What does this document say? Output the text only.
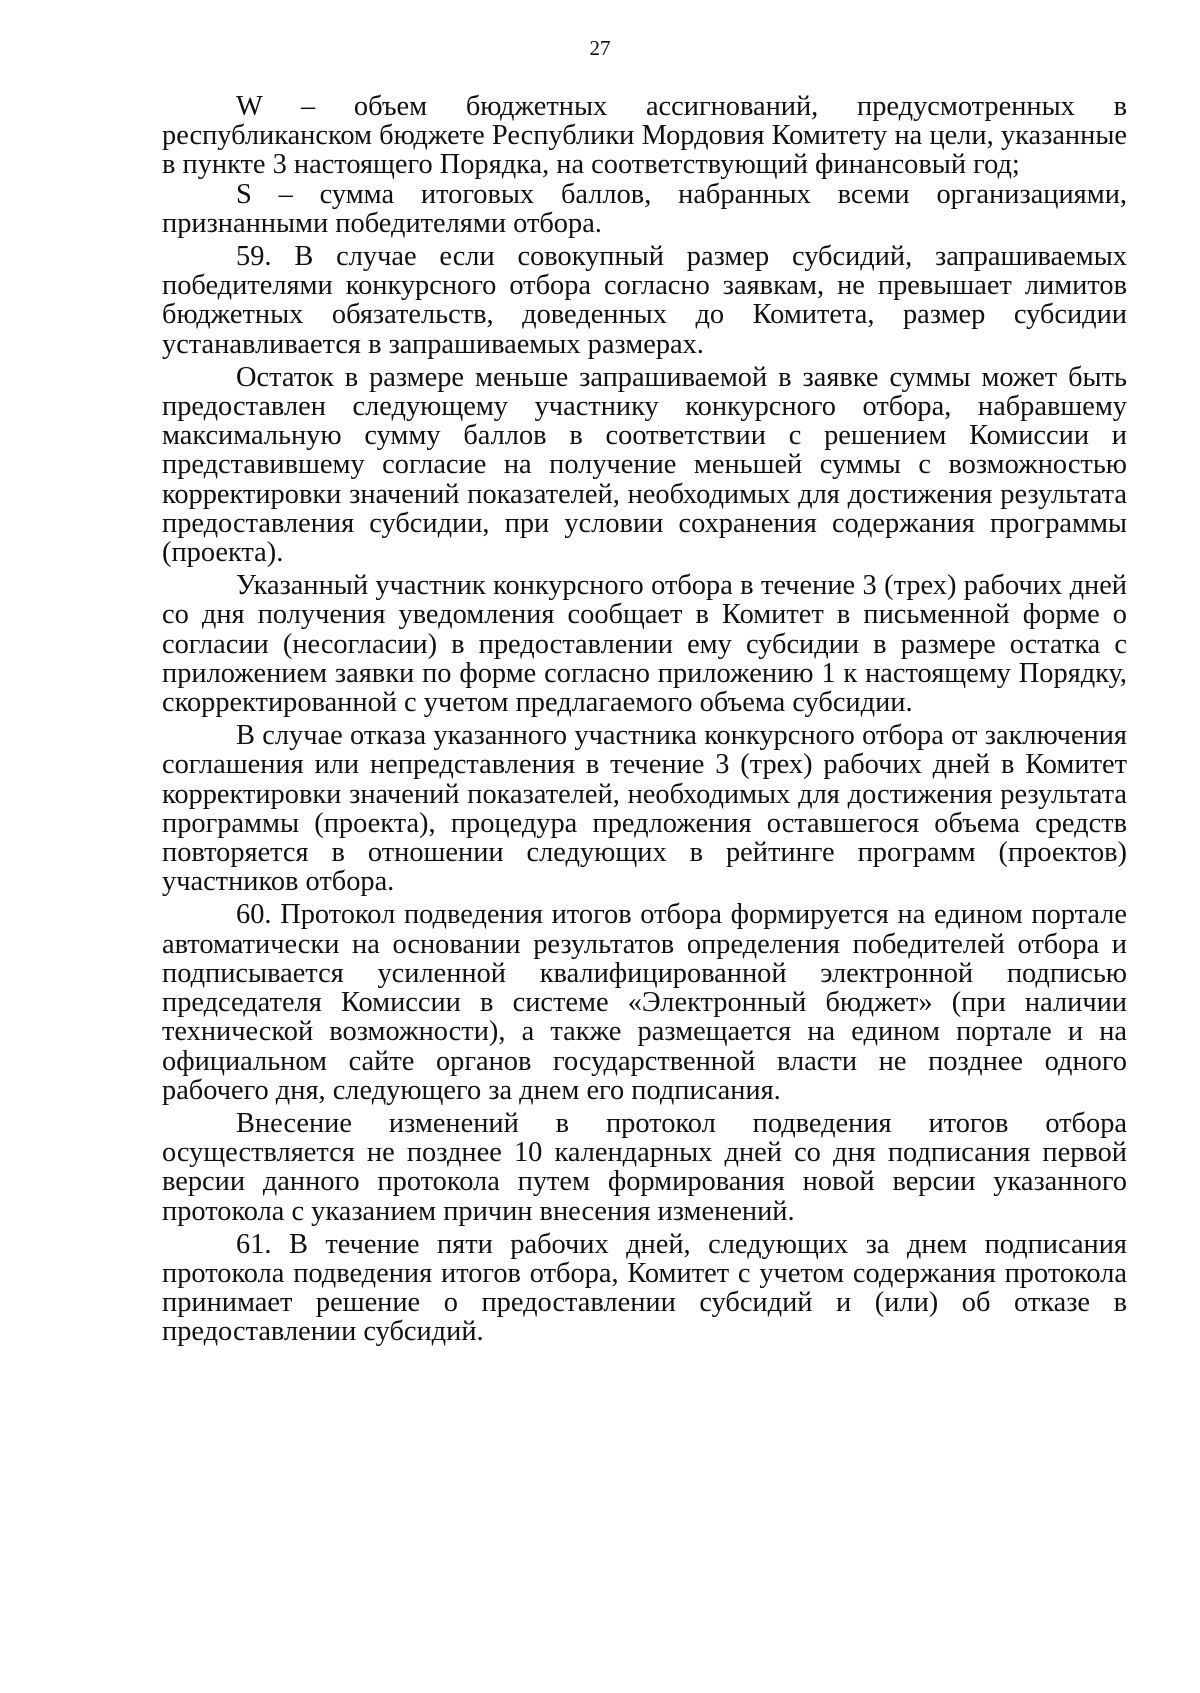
27

W – объем бюджетных ассигнований, предусмотренных в республиканском бюджете Республики Мордовия Комитету на цели, указанные в пункте 3 настоящего Порядка, на соответствующий финансовый год;

S – сумма итоговых баллов, набранных всеми организациями, признанными победителями отбора.

59. В случае если совокупный размер субсидий, запрашиваемых победителями конкурсного отбора согласно заявкам, не превышает лимитов бюджетных обязательств, доведенных до Комитета, размер субсидии устанавливается в запрашиваемых размерах.

Остаток в размере меньше запрашиваемой в заявке суммы может быть предоставлен следующему участнику конкурсного отбора, набравшему максимальную сумму баллов в соответствии с решением Комиссии и представившему согласие на получение меньшей суммы с возможностью корректировки значений показателей, необходимых для достижения результата предоставления субсидии, при условии сохранения содержания программы (проекта).

Указанный участник конкурсного отбора в течение 3 (трех) рабочих дней со дня получения уведомления сообщает в Комитет в письменной форме о согласии (несогласии) в предоставлении ему субсидии в размере остатка с приложением заявки по форме согласно приложению 1 к настоящему Порядку, скорректированной с учетом предлагаемого объема субсидии.

В случае отказа указанного участника конкурсного отбора от заключения соглашения или непредставления в течение 3 (трех) рабочих дней в Комитет корректировки значений показателей, необходимых для достижения результата программы (проекта), процедура предложения оставшегося объема средств повторяется в отношении следующих в рейтинге программ (проектов) участников отбора.

60. Протокол подведения итогов отбора формируется на едином портале автоматически на основании результатов определения победителей отбора и подписывается усиленной квалифицированной электронной подписью председателя Комиссии в системе «Электронный бюджет» (при наличии технической возможности), а также размещается на едином портале и на официальном сайте органов государственной власти не позднее одного рабочего дня, следующего за днем его подписания.

Внесение изменений в протокол подведения итогов отбора осуществляется не позднее 10 календарных дней со дня подписания первой версии данного протокола путем формирования новой версии указанного протокола с указанием причин внесения изменений.

61. В течение пяти рабочих дней, следующих за днем подписания протокола подведения итогов отбора, Комитет с учетом содержания протокола принимает решение о предоставлении субсидий и (или) об отказе в предоставлении субсидий.
